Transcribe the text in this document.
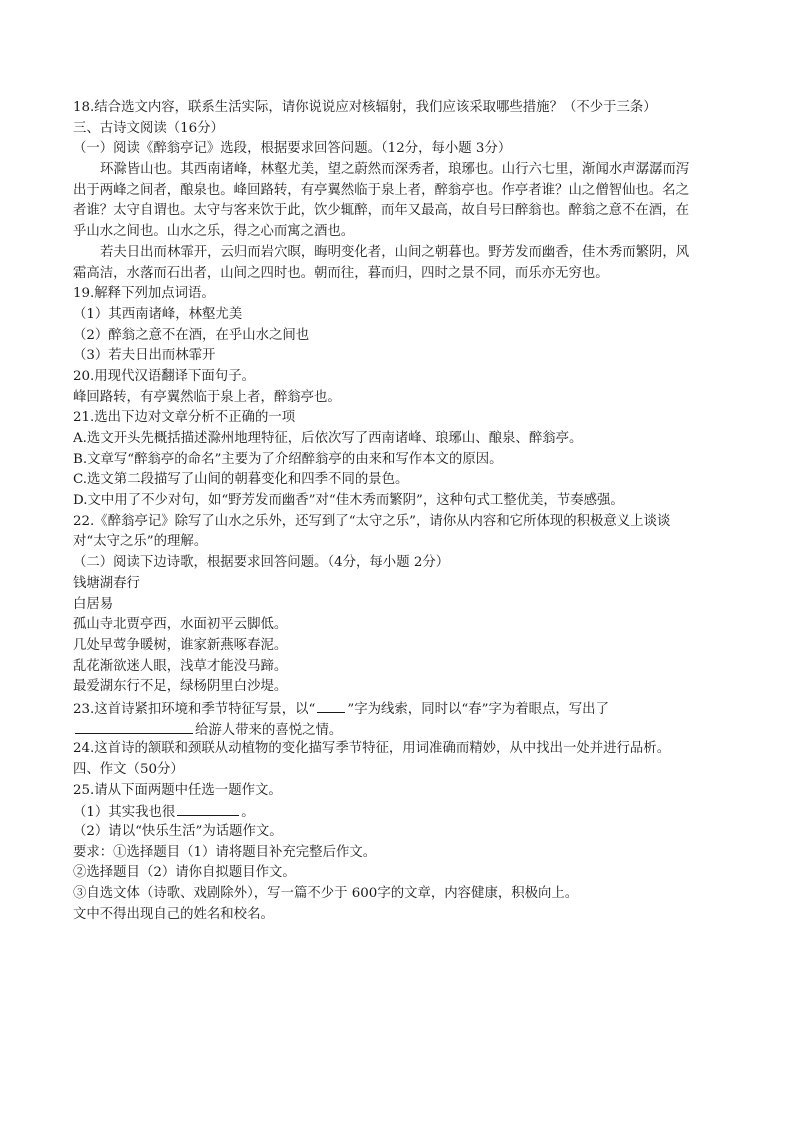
18.结合选文内容，联系生活实际，请你说说应对核辐射，我们应该采取哪些措施？（不少于三条）
三、古诗文阅读（16分）
（一）阅读《醉翁亭记》选段，根据要求回答问题。（12分，每小题 3分）
环滁皆山也。其西南诸峰，林壑尤美，望之蔚然而深秀者，琅琊也。山行六七里，渐闻水声潺潺而泻
出于两峰之间者，酿泉也。峰回路转，有亭翼然临于泉上者，醉翁亭也。作亭者谁？山之僧智仙也。名之
者谁？太守自谓也。太守与客来饮于此，饮少辄醉，而年又最高，故自号曰醉翁也。醉翁之意不在酒，在
乎山水之间也。山水之乐，得之心而寓之酒也。
若夫日出而林霏开，云归而岩穴暝，晦明变化者，山间之朝暮也。野芳发而幽香，佳木秀而繁阴，风
霜高洁，水落而石出者，山间之四时也。朝而往，暮而归，四时之景不同，而乐亦无穷也。
19.解释下列加点词语。
（1）其西南诸峰，林壑尤美
（2）醉翁之意不在酒，在乎山水之间也
（3）若夫日出而林霏开
20.用现代汉语翻译下面句子。
峰回路转，有亭翼然临于泉上者，醉翁亭也。
21.选出下边对文章分析不正确的一项
A.选文开头先概括描述滁州地理特征，后依次写了西南诸峰、琅琊山、酿泉、醉翁亭。
B.文章写“醉翁亭的命名”主要为了介绍醉翁亭的由来和写作本文的原因。
C.选文第二段描写了山间的朝暮变化和四季不同的景色。
D.文中用了不少对句，如“野芳发而幽香”对“佳木秀而繁阴”，这种句式工整优美，节奏感强。
22.《醉翁亭记》除写了山水之乐外，还写到了“太守之乐”，请你从内容和它所体现的积极意义上谈谈
对“太守之乐”的理解。
（二）阅读下边诗歌，根据要求回答问题。（4分，每小题 2分）
钱塘湖春行
白居易
孤山寺北贾亭西，水面初平云脚低。
几处早莺争暖树，谁家新燕啄春泥。
乱花渐欲迷人眼，浅草才能没马蹄。
最爱湖东行不足，绿杨阴里白沙堤。
23.这首诗紧扣环境和季节特征写景，以“ ”字为线索，同时以“春”字为着眼点，写出了
给游人带来的喜悦之情。
24.这首诗的颔联和颈联从动植物的变化描写季节特征，用词准确而精妙，从中找出一处并进行品析。
四、作文（50分）
25.请从下面两题中任选一题作文。
（1）其实我也很	。
（2）请以“快乐生活”为话题作文。
要求：①选择题目（1）请将题目补充完整后作文。
②选择题目（2）请你自拟题目作文。
③自选文体（诗歌、戏剧除外），写一篇不少于 600字的文章，内容健康，积极向上。
文中不得出现自己的姓名和校名。
